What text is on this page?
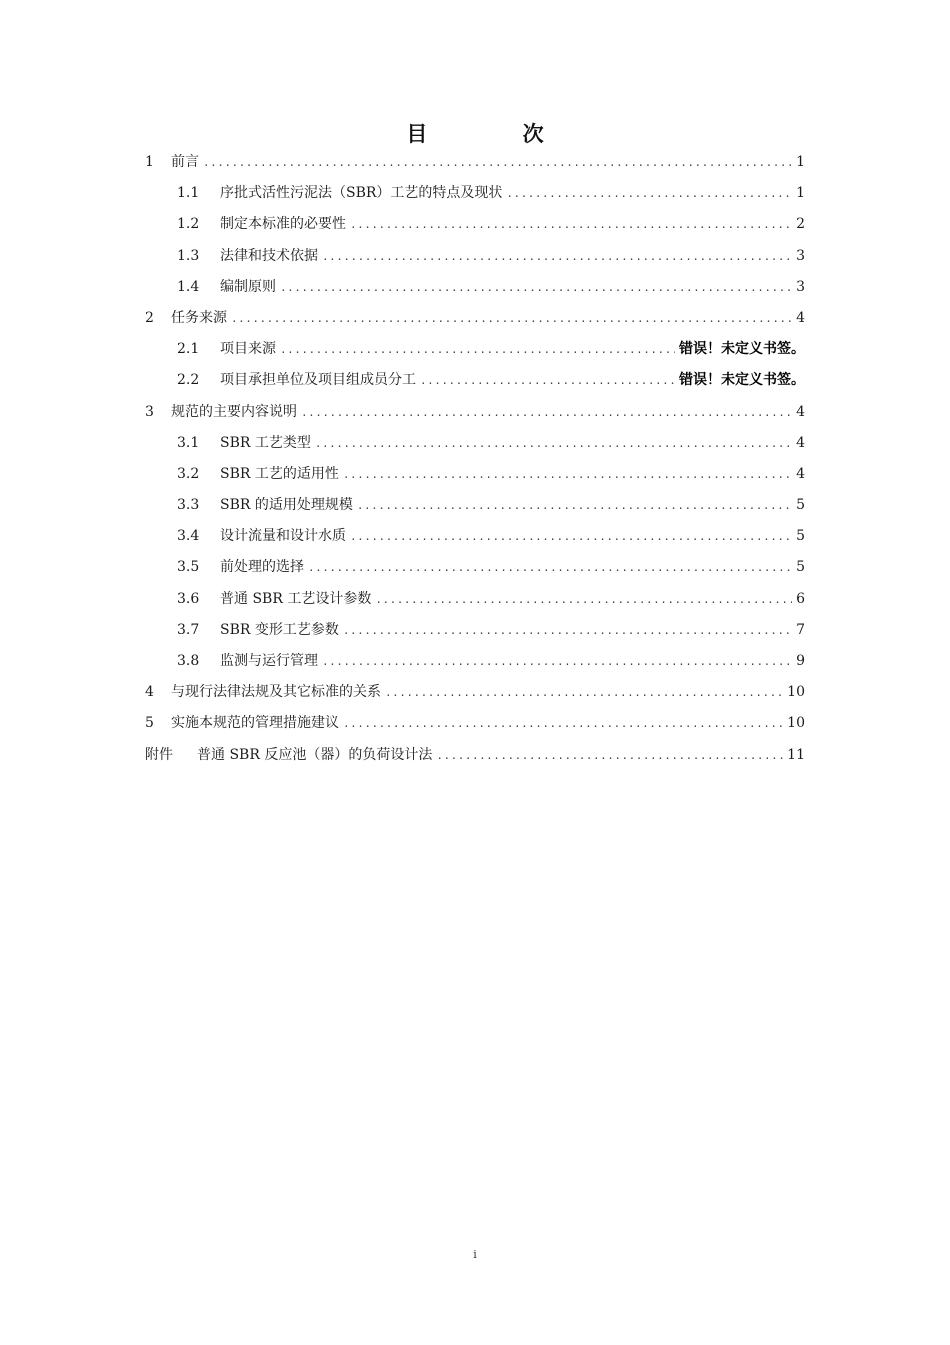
目 次
1	前言 .....	1
1.1	序批式活性污泥法（SBR）工艺的特点及现状 .....	1
1.2	制定本标准的必要性 .....	2
1.3	法律和技术依据 .....	3
1.4	编制原则 .....	3
2	任务来源 .....	4
2.1	项目来源 .....	错误！未定义书签。
2.2	项目承担单位及项目组成员分工 .....	错误！未定义书签。
3	规范的主要内容说明 .....	4
3.1	SBR 工艺类型 .....	4
3.2	SBR 工艺的适用性 .....	4
3.3	SBR 的适用处理规模 .....	5
3.4	设计流量和设计水质 .....	5
3.5	前处理的选择 .....	5
3.6	普通 SBR 工艺设计参数 .....	6
3.7	SBR 变形工艺参数 .....	7
3.8	监测与运行管理 .....	9
4	与现行法律法规及其它标准的关系 .....	10
5	实施本规范的管理措施建议 .....	10
附件	普通 SBR 反应池（器）的负荷设计法 .....	11
i
